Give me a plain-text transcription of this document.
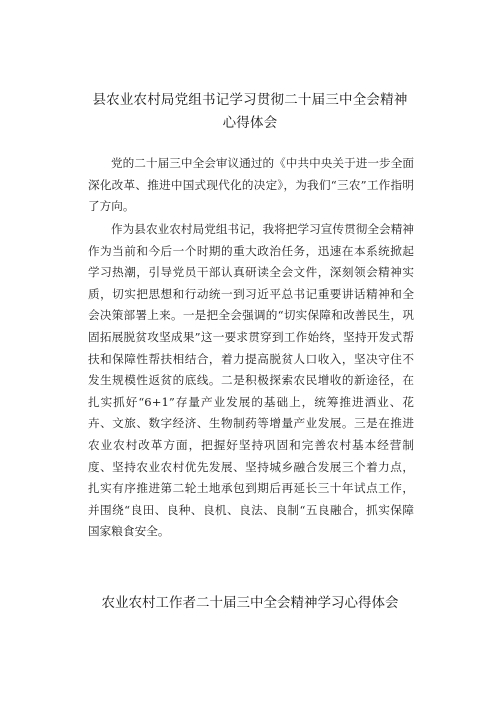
县农业农村局党组书记学习贯彻二十届三中全会精神
心得体会

党的二十届三中全会审议通过的《中共中央关于进一步全面深化改革、推进中国式现代化的决定》，为我们“三农”工作指明了方向。

作为县农业农村局党组书记，我将把学习宣传贯彻全会精神作为当前和今后一个时期的重大政治任务，迅速在本系统掀起学习热潮，引导党员干部认真研读全会文件，深刻领会精神实质，切实把思想和行动统一到习近平总书记重要讲话精神和全会决策部署上来。一是把全会强调的“切实保障和改善民生，巩固拓展脱贫攻坚成果”这一要求贯穿到工作始终，坚持开发式帮扶和保障性帮扶相结合，着力提高脱贫人口收入，坚决守住不发生规模性返贫的底线。二是积极探索农民增收的新途径，在扎实抓好“6+1”存量产业发展的基础上，统筹推进酒业、花卉、文旅、数字经济、生物制药等增量产业发展。三是在推进农业农村改革方面，把握好坚持巩固和完善农村基本经营制度、坚持农业农村优先发展、坚持城乡融合发展三个着力点，扎实有序推进第二轮土地承包到期后再延长三十年试点工作，并围绕“良田、良种、良机、良法、良制“五良融合，抓实保障国家粮食安全。

农业农村工作者二十届三中全会精神学习心得体会
